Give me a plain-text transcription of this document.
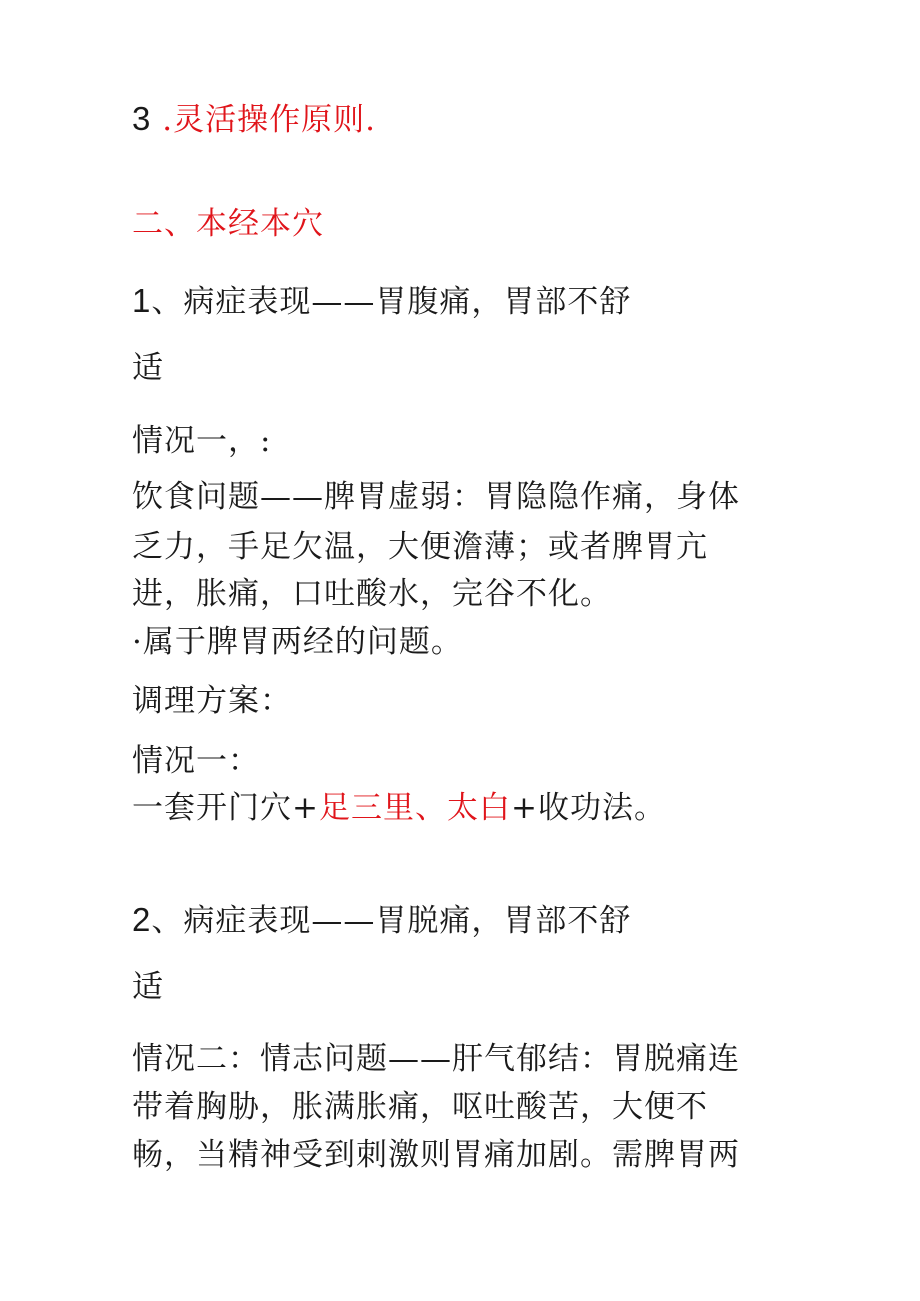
3 .灵活操作原则.
二、本经本穴
1、病症表现——胃腹痛，胃部不舒
适
情况一，:
饮食问题——脾胃虚弱：胃隐隐作痛，身体
乏力，手足欠温，大便澹薄；或者脾胃亢
进，胀痛，口吐酸水，完谷不化。
·属于脾胃两经的问题。
调理方案：
情况一：
一套开门穴+足三里、太白+收功法。
2、病症表现——胃脱痛，胃部不舒
适
情况二：情志问题——肝气郁结：胃脱痛连
带着胸胁，胀满胀痛，呕吐酸苦，大便不
畅，当精神受到刺激则胃痛加剧。需脾胃两
